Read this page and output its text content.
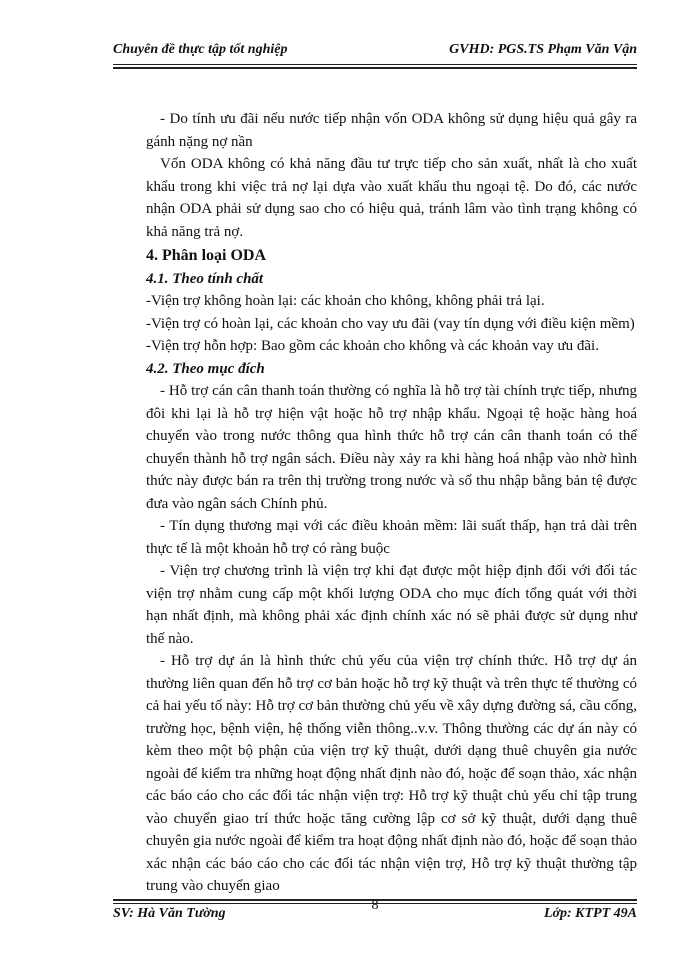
Chuyên đề thực tập tốt nghiệp	GVHD: PGS.TS Phạm Văn Vận

- Do tính ưu đãi nếu nước tiếp nhận vốn ODA không sử dụng hiệu quả gây ra gánh nặng nợ nần

Vốn ODA không có khả năng đầu tư trực tiếp cho sản xuất, nhất là cho xuất khẩu trong khi việc trả nợ lại dựa vào xuất khẩu thu ngoại tệ. Do đó, các nước nhận ODA phải sử dụng sao cho có hiệu quả, tránh lâm vào tình trạng không có khả năng trả nợ.

4. Phân loại ODA

4.1. Theo tính chất

-Viện trợ không hoàn lại: các khoản cho không, không phải trả lại.

-Viện trợ có hoàn lại, các khoản cho vay ưu đãi (vay tín dụng với điều kiện mềm)

-Viện trợ hỗn hợp: Bao gồm các khoản cho không và các khoản vay ưu đãi.

4.2. Theo mục đích

- Hỗ trợ cán cân thanh toán thường có nghĩa là hỗ trợ tài chính trực tiếp, nhưng đôi khi lại là hỗ trợ hiện vật hoặc hỗ trợ nhập khẩu. Ngoại tệ hoặc hàng hoá chuyển vào trong nước thông qua hình thức hỗ trợ cán cân thanh toán có thể chuyển thành hỗ trợ ngân sách. Điều này xảy ra khi hàng hoá nhập vào nhờ hình thức này được bán ra trên thị trường trong nước và số thu nhập bằng bản tệ được đưa vào ngân sách Chính phủ.

- Tín dụng thương mại với các điều khoản mềm: lãi suất thấp, hạn trả dài trên thực tế là một khoản hỗ trợ có ràng buộc

- Viện trợ chương trình là viện trợ khi đạt được một hiệp định đối với đối tác viện trợ nhằm cung cấp một khối lượng ODA cho mục đích tổng quát với thời hạn nhất định, mà không phải xác định chính xác nó sẽ phải được sử dụng như thế nào.

- Hỗ trợ dự án là hình thức chủ yếu của viện trợ chính thức. Hỗ trợ dự án thường liên quan đến hỗ trợ cơ bản hoặc hỗ trợ kỹ thuật và trên thực tế thường có cả hai yếu tố này: Hỗ trợ cơ bản thường chủ yếu về xây dựng đường sá, cầu cống, trường học, bệnh viện, hệ thống viễn thông..v.v. Thông thường các dự án này có kèm theo một bộ phận của viện trợ kỹ thuật, dưới dạng thuê chuyên gia nước ngoài để kiểm tra những hoạt động nhất định nào đó, hoặc để soạn thảo, xác nhận các báo cáo cho các đối tác nhận viện trợ: Hỗ trợ kỹ thuật chủ yếu chỉ tập trung vào chuyển giao trí thức hoặc tăng cường lập cơ sở kỹ thuật, dưới dạng thuê chuyên gia nước ngoài để kiểm tra hoạt động nhất định nào đó, hoặc để soạn thảo xác nhận các báo cáo cho các đối tác nhận viện trợ, Hỗ trợ kỹ thuật thường tập trung vào chuyển giao

SV: Hà Văn Tường
8
Lớp: KTPT 49A
